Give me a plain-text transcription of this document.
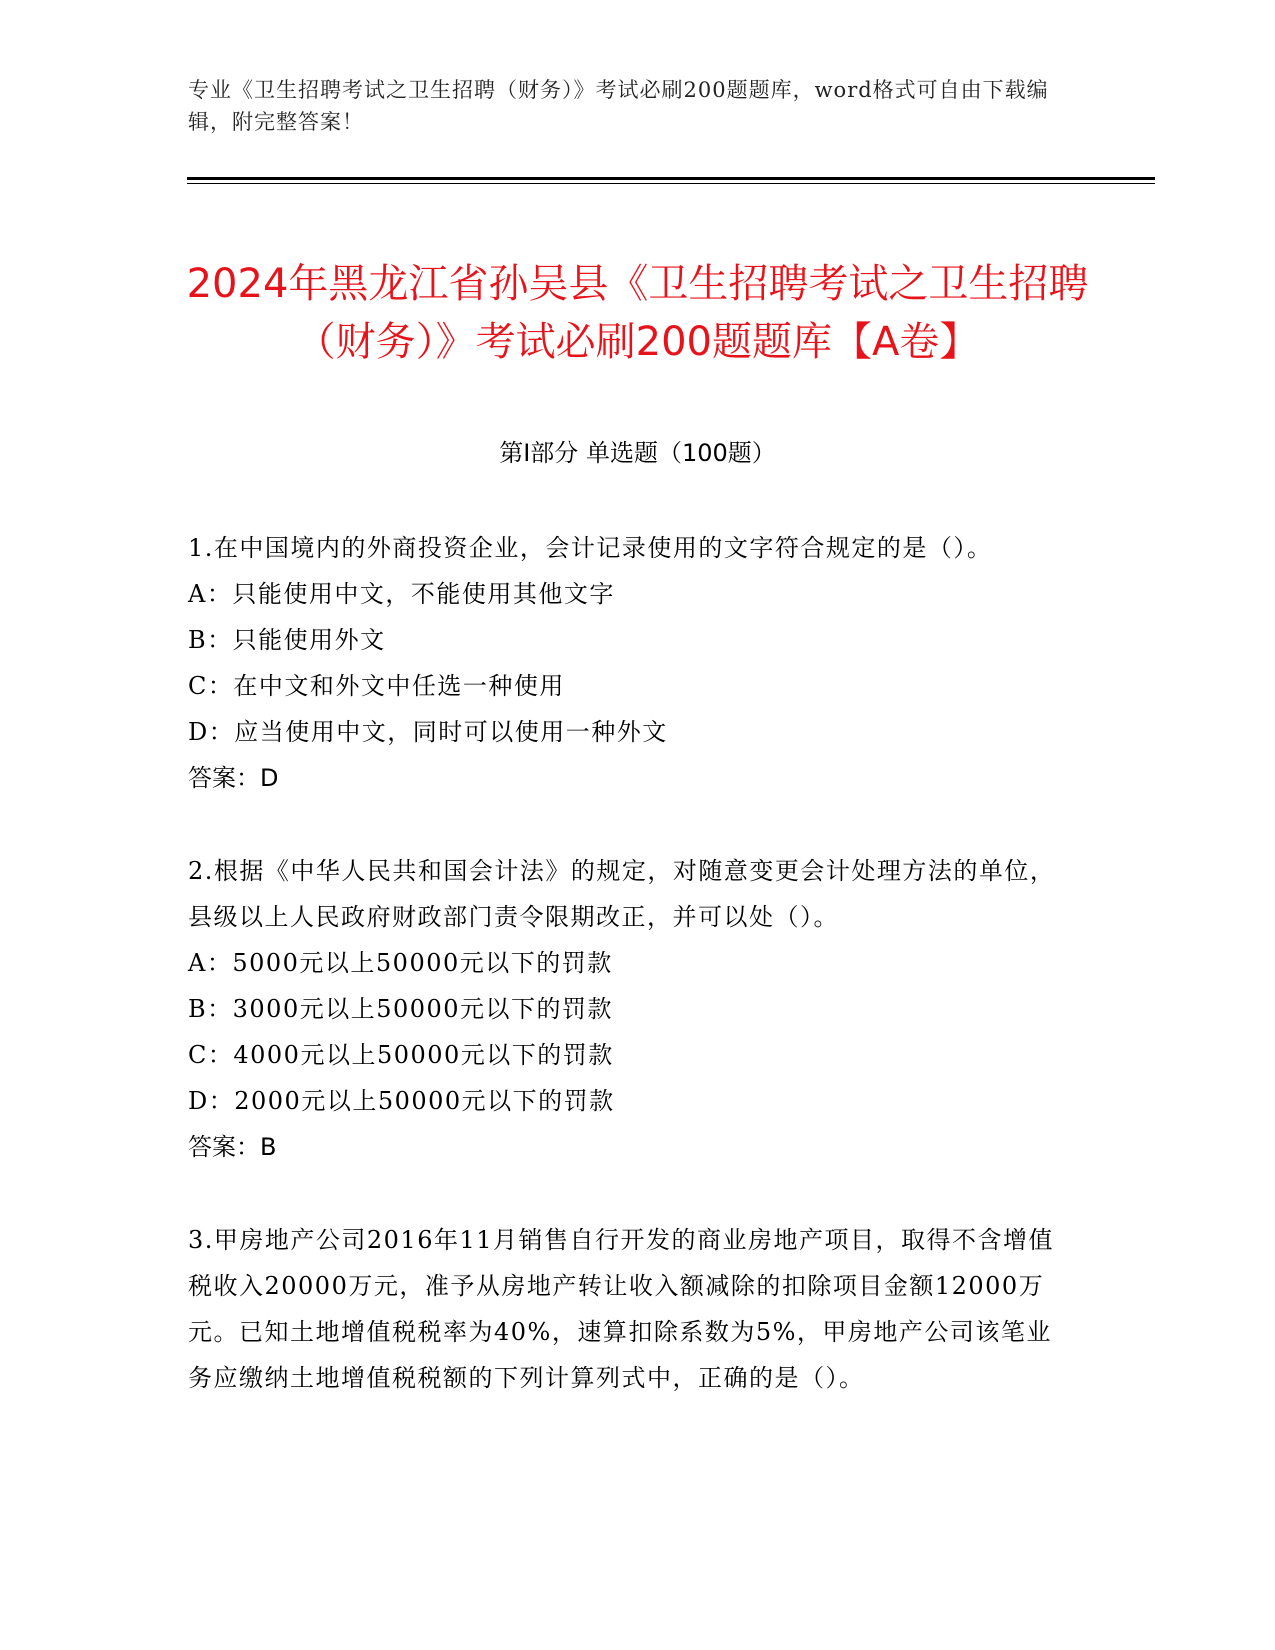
专业《卫生招聘考试之卫生招聘（财务）》考试必刷200题题库，word格式可自由下载编辑，附完整答案！
2024年黑龙江省孙吴县《卫生招聘考试之卫生招聘（财务）》考试必刷200题题库【A卷】
第I部分 单选题（100题）

1.在中国境内的外商投资企业，会计记录使用的文字符合规定的是（）。

A：只能使用中文，不能使用其他文字

B：只能使用外文

C：在中文和外文中任选一种使用

D：应当使用中文，同时可以使用一种外文

答案：D

2.根据《中华人民共和国会计法》的规定，对随意变更会计处理方法的单位，县级以上人民政府财政部门责令限期改正，并可以处（）。

A：5000元以上50000元以下的罚款

B：3000元以上50000元以下的罚款

C：4000元以上50000元以下的罚款

D：2000元以上50000元以下的罚款

答案：B

3.甲房地产公司2016年11月销售自行开发的商业房地产项目，取得不含增值税收入20000万元，准予从房地产转让收入额减除的扣除项目金额12000万元。已知土地增值税税率为40%，速算扣除系数为5%，甲房地产公司该笔业务应缴纳土地增值税税额的下列计算列式中，正确的是（）。
